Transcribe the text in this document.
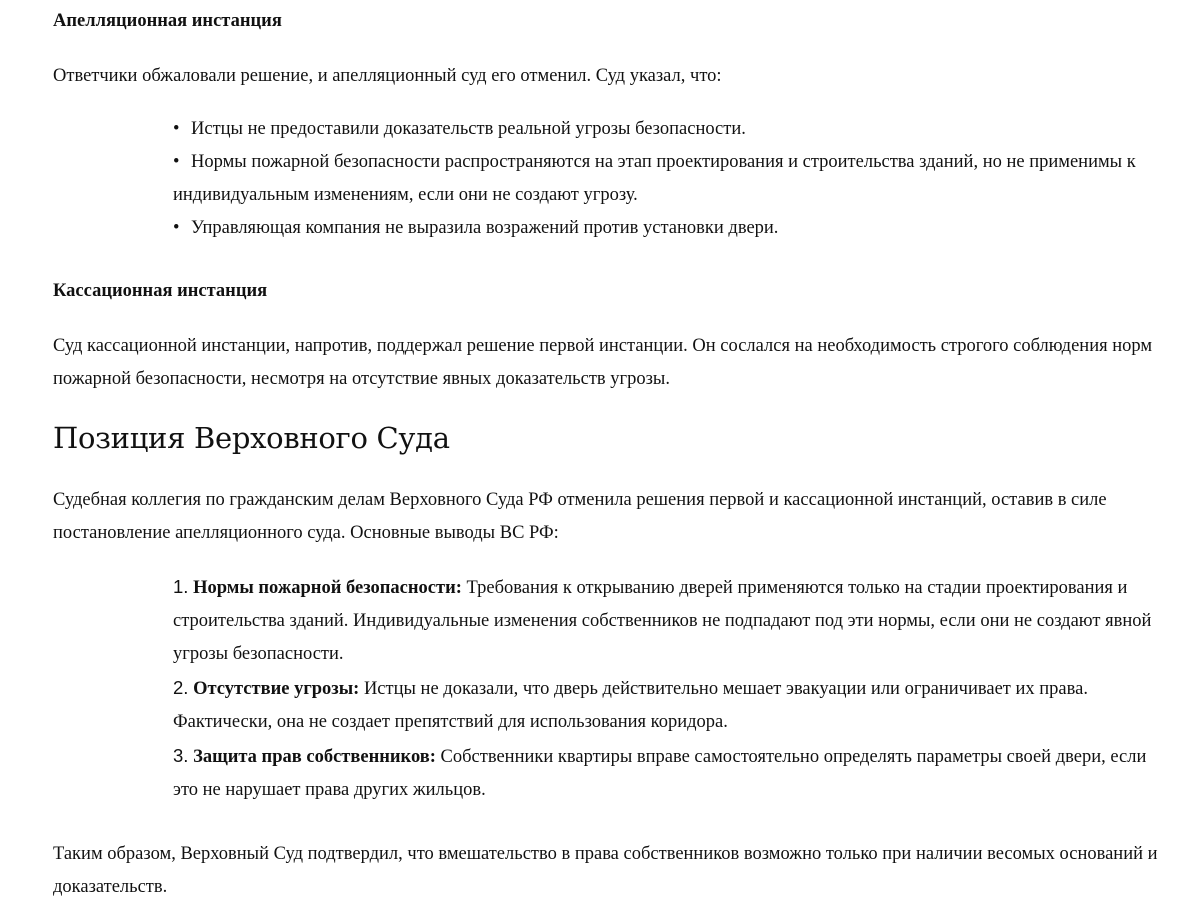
Апелляционная инстанция

Ответчики обжаловали решение, и апелляционный суд его отменил. Суд указал, что:

• Истцы не предоставили доказательств реальной угрозы безопасности.
• Нормы пожарной безопасности распространяются на этап проектирования и строительства зданий, но не применимы к индивидуальным изменениям, если они не создают угрозу.
• Управляющая компания не выразила возражений против установки двери.
Кассационная инстанция

Суд кассационной инстанции, напротив, поддержал решение первой инстанции. Он сослался на необходимость строгого соблюдения норм пожарной безопасности, несмотря на отсутствие явных доказательств угрозы.

Позиция Верховного Суда

Судебная коллегия по гражданским делам Верховного Суда РФ отменила решения первой и кассационной инстанций, оставив в силе постановление апелляционного суда. Основные выводы ВС РФ:

1. Нормы пожарной безопасности: Требования к открыванию дверей применяются только на стадии проектирования и строительства зданий. Индивидуальные изменения собственников не подпадают под эти нормы, если они не создают явной угрозы безопасности.
2. Отсутствие угрозы: Истцы не доказали, что дверь действительно мешает эвакуации или ограничивает их права. Фактически, она не создает препятствий для использования коридора.
3. Защита прав собственников: Собственники квартиры вправе самостоятельно определять параметры своей двери, если это не нарушает права других жильцов.

Таким образом, Верховный Суд подтвердил, что вмешательство в права собственников возможно только при наличии весомых оснований и доказательств.
